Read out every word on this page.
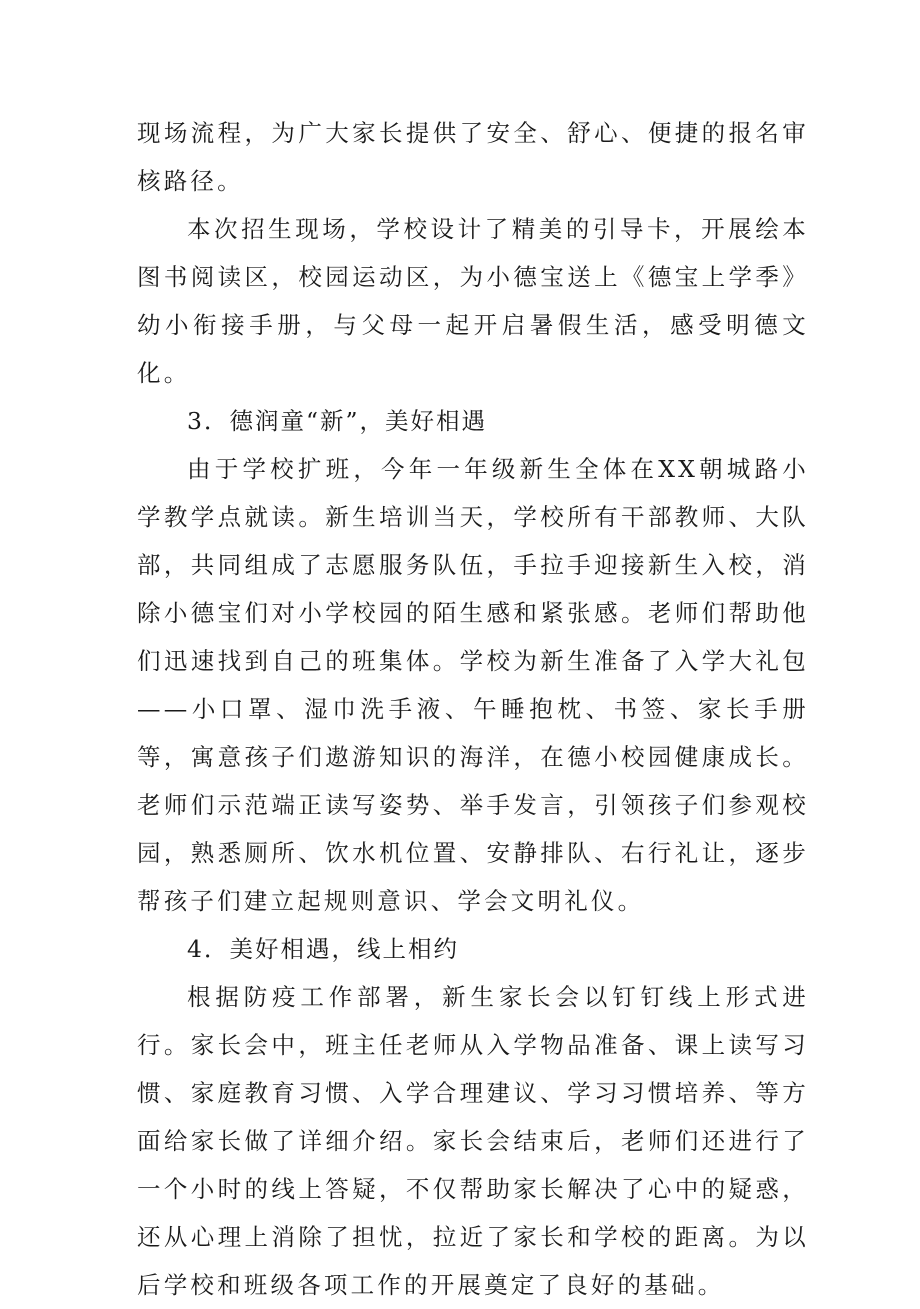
现场流程，为广大家长提供了安全、舒心、便捷的报名审核路径。

本次招生现场，学校设计了精美的引导卡，开展绘本图书阅读区，校园运动区，为小德宝送上《德宝上学季》幼小衔接手册，与父母一起开启暑假生活，感受明德文化。

3．德润童“新”，美好相遇

由于学校扩班，今年一年级新生全体在XX朝城路小学教学点就读。新生培训当天，学校所有干部教师、大队部，共同组成了志愿服务队伍，手拉手迎接新生入校，消除小德宝们对小学校园的陌生感和紧张感。老师们帮助他们迅速找到自己的班集体。学校为新生准备了入学大礼包——小口罩、湿巾洗手液、午睡抱枕、书签、家长手册等，寓意孩子们遨游知识的海洋，在德小校园健康成长。老师们示范端正读写姿势、举手发言，引领孩子们参观校园，熟悉厕所、饮水机位置、安静排队、右行礼让，逐步帮孩子们建立起规则意识、学会文明礼仪。

4．美好相遇，线上相约

根据防疫工作部署，新生家长会以钉钉线上形式进行。家长会中，班主任老师从入学物品准备、课上读写习惯、家庭教育习惯、入学合理建议、学习习惯培养、等方面给家长做了详细介绍。家长会结束后，老师们还进行了一个小时的线上答疑，不仅帮助家长解决了心中的疑惑，还从心理上消除了担忧，拉近了家长和学校的距离。为以后学校和班级各项工作的开展奠定了良好的基础。
